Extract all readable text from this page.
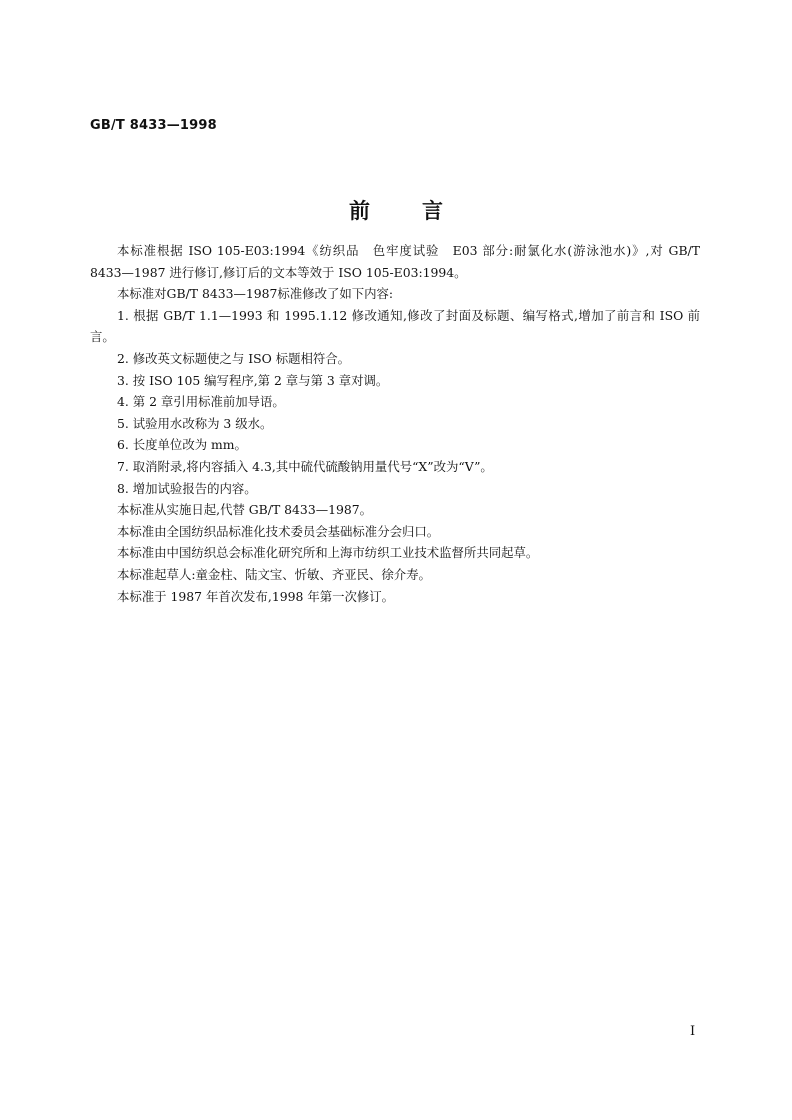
GB/T 8433—1998
前 言

本标准根据 ISO 105-E03:1994《纺织品　色牢度试验　E03 部分:耐氯化水(游泳池水)》,对 GB/T 8433—1987 进行修订,修订后的文本等效于 ISO 105-E03:1994。

本标准对GB/T 8433—1987标准修改了如下内容:

1. 根据 GB/T 1.1—1993 和 1995.1.12 修改通知,修改了封面及标题、编写格式,增加了前言和 ISO 前言。

2. 修改英文标题使之与 ISO 标题相符合。

3. 按 ISO 105 编写程序,第 2 章与第 3 章对调。

4. 第 2 章引用标准前加导语。

5. 试验用水改称为 3 级水。

6. 长度单位改为 mm。

7. 取消附录,将内容插入 4.3,其中硫代硫酸钠用量代号“X”改为“V”。

8. 增加试验报告的内容。

本标准从实施日起,代替 GB/T 8433—1987。

本标准由全国纺织品标准化技术委员会基础标准分会归口。

本标准由中国纺织总会标准化研究所和上海市纺织工业技术监督所共同起草。

本标准起草人:童金柱、陆文宝、忻敏、齐亚民、徐介寿。

本标准于 1987 年首次发布,1998 年第一次修订。

I
